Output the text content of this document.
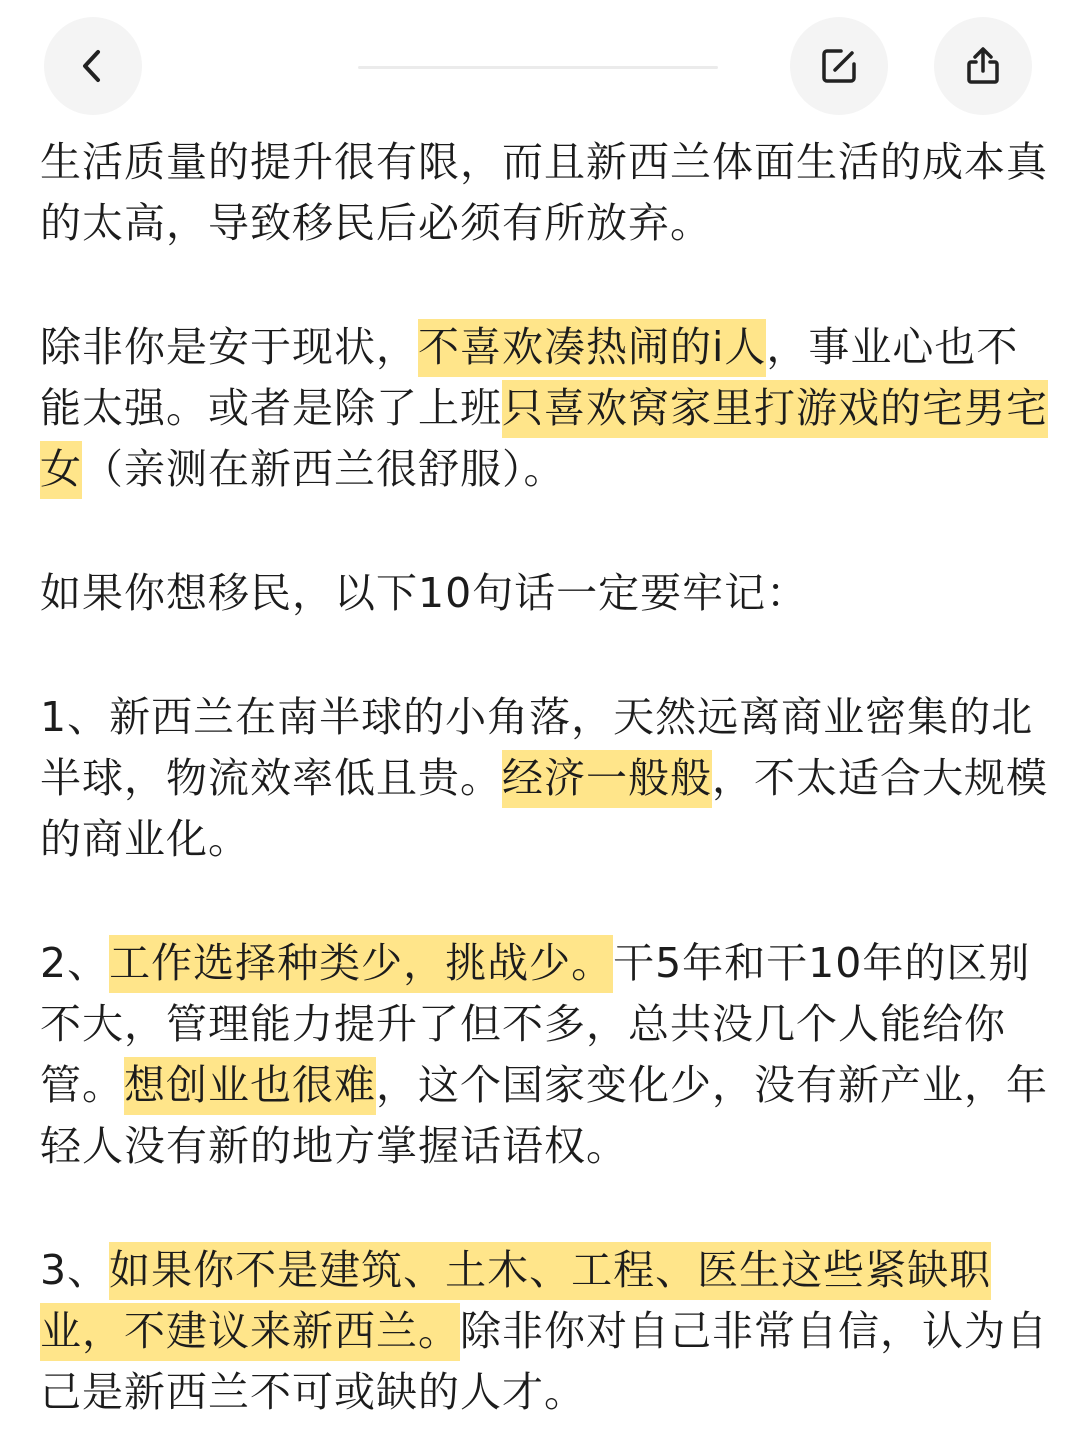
生活质量的提升很有限，而且新西兰体面生活的成本真的太高，导致移民后必须有所放弃。

除非你是安于现状，不喜欢凑热闹的i人，事业心也不能太强。或者是除了上班只喜欢窝家里打游戏的宅男宅女（亲测在新西兰很舒服）。

如果你想移民，以下10句话一定要牢记：

1、新西兰在南半球的小角落，天然远离商业密集的北半球，物流效率低且贵。经济一般般，不太适合大规模的商业化。

2、工作选择种类少，挑战少。干5年和干10年的区别不大，管理能力提升了但不多，总共没几个人能给你管。想创业也很难，这个国家变化少，没有新产业，年轻人没有新的地方掌握话语权。

3、如果你不是建筑、土木、工程、医生这些紧缺职业，不建议来新西兰。除非你对自己非常自信，认为自己是新西兰不可或缺的人才。
